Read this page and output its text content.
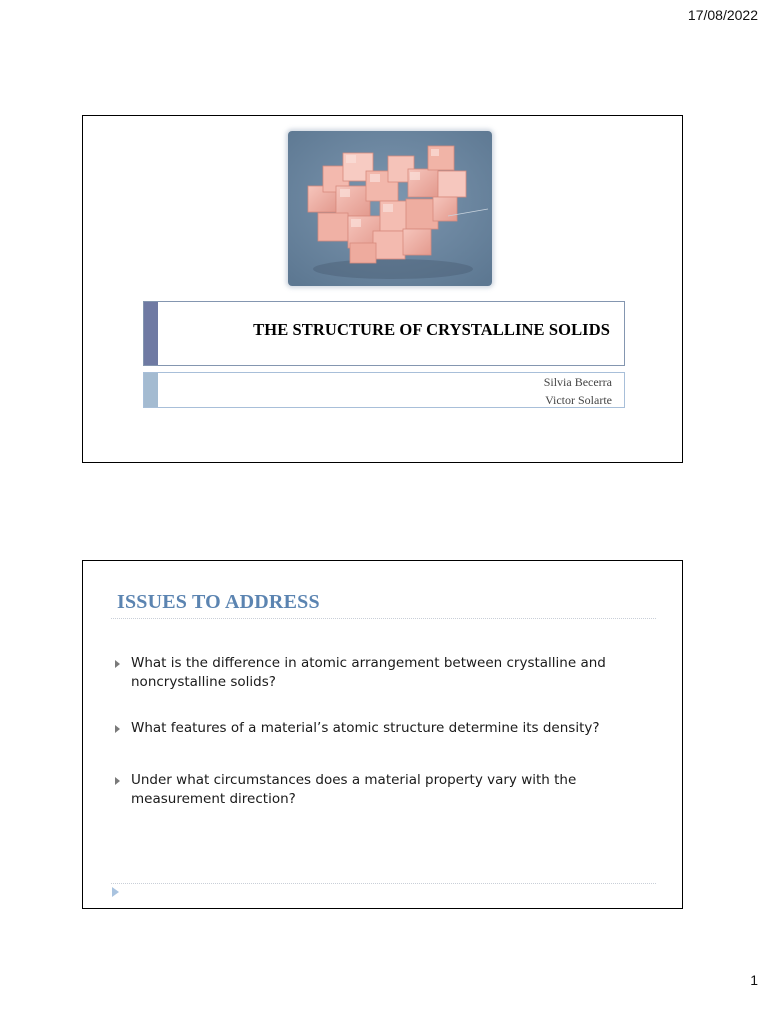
17/08/2022
THE STRUCTURE OF CRYSTALLINE SOLIDS
Silvia Becerra
Victor Solarte
ISSUES TO ADDRESS
What is the difference in atomic arrangement between crystalline and noncrystalline solids?
What features of a material’s atomic structure determine its density?
Under what circumstances does a material property vary with the measurement direction?
1
